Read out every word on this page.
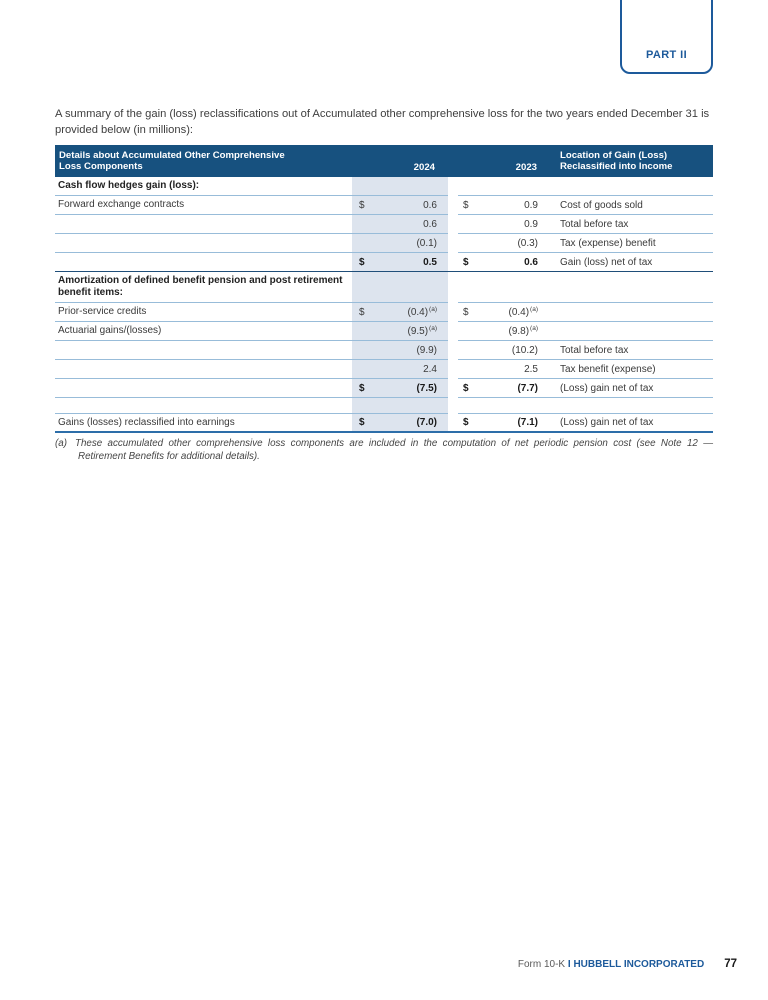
PART II

A summary of the gain (loss) reclassifications out of Accumulated other comprehensive loss for the two years ended December 31 is provided below (in millions):

Details about Accumulated Other Comprehensive
Loss Components	2024	2023
Location of Gain (Loss)
Reclassified into Income
Cash flow hedges gain (loss):
Forward exchange contracts	$	0.6	$	0.9	Cost of goods sold
0.6	0.9	Total before tax
(0.1)	(0.3)	Tax (expense) benefit
$	0.5	$	0.6	Gain (loss) net of tax
Amortization of defined benefit pension and post retirement benefit items:
Prior-service credits	$	$(0.4)^{(a)}$	$	$(0.4)^{(a)}$
Actuarial gains/(losses)	$(9.5)^{(a)}$	$(9.8)^{(a)}$
(9.9)	(10.2)	Total before tax
2.4	2.5	Tax benefit (expense)
$	(7.5)	$	(7.7)	(Loss) gain net of tax
Gains (losses) reclassified into earnings	$	(7.0)	$	(7.1)	(Loss) gain net of tax
(a) These accumulated other comprehensive loss components are included in the computation of net periodic pension cost (see Note 12 — Retirement Benefits for additional details).
Form 10-K I HUBBELL INCORPORATED 77
